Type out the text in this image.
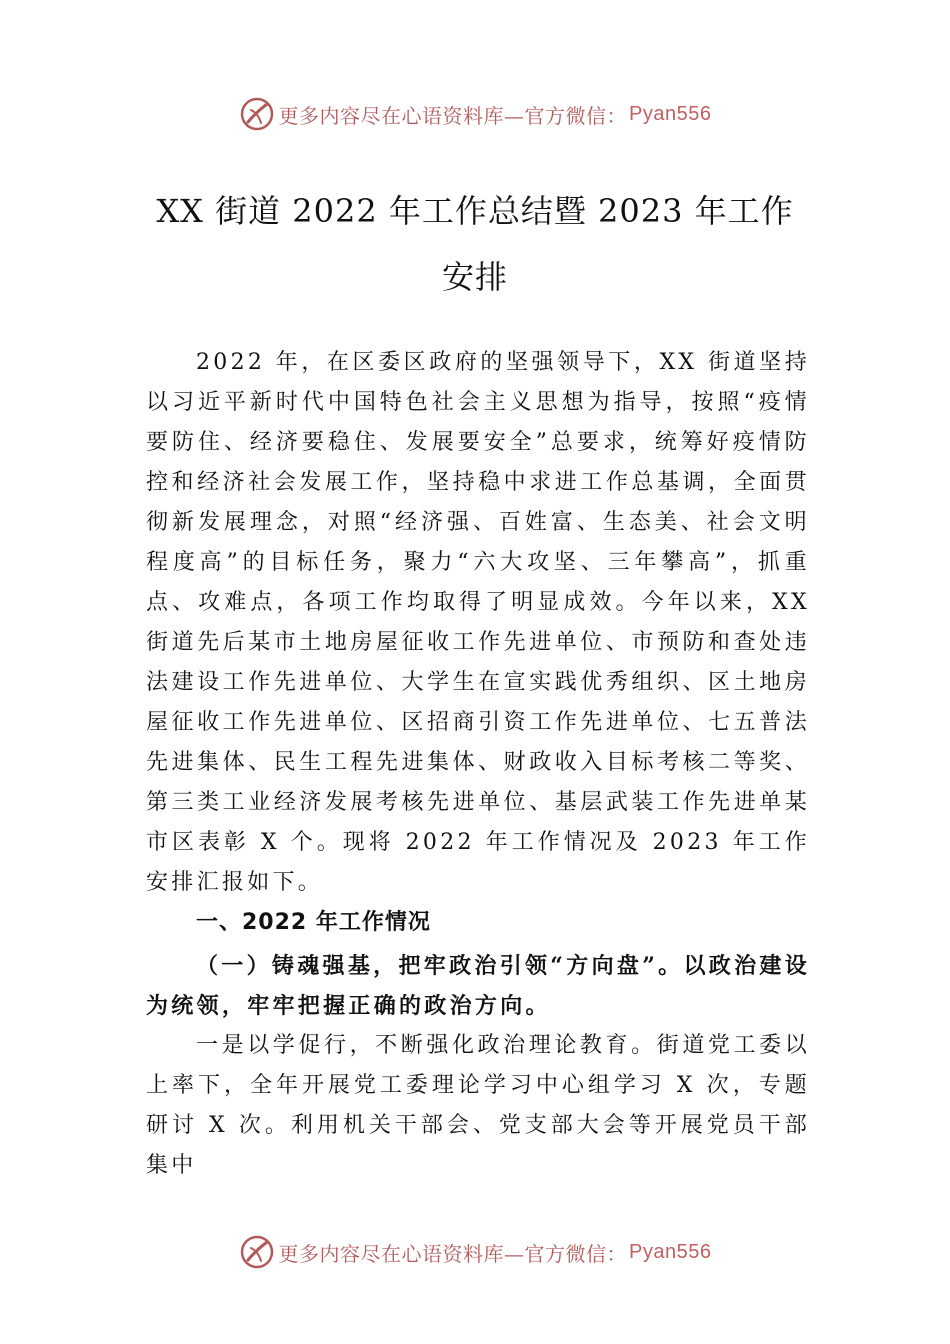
更多内容尽在心语资料库—官方微信： Pyan556
XX 街道 2022 年工作总结暨 2023 年工作
安排

2022 年，在区委区政府的坚强领导下，XX 街道坚持以习近平新时代中国特色社会主义思想为指导，按照“疫情要防住、经济要稳住、发展要安全”总要求，统筹好疫情防控和经济社会发展工作，坚持稳中求进工作总基调，全面贯彻新发展理念，对照“经济强、百姓富、生态美、社会文明程度高”的目标任务，聚力“六大攻坚、三年攀高”，抓重点、攻难点，各项工作均取得了明显成效。今年以来，XX 街道先后某市土地房屋征收工作先进单位、市预防和查处违法建设工作先进单位、大学生在宣实践优秀组织、区土地房屋征收工作先进单位、区招商引资工作先进单位、七五普法先进集体、民生工程先进集体、财政收入目标考核二等奖、第三类工业经济发展考核先进单位、基层武装工作先进单某市区表彰 X 个。现将 2022 年工作情况及 2023 年工作安排汇报如下。

一、2022 年工作情况

（一）铸魂强基，把牢政治引领“方向盘”。以政治建设为统领，牢牢把握正确的政治方向。

一是以学促行，不断强化政治理论教育。街道党工委以上率下，全年开展党工委理论学习中心组学习 X 次，专题研讨 X 次。利用机关干部会、党支部大会等开展党员干部集中

更多内容尽在心语资料库—官方微信： Pyan556
